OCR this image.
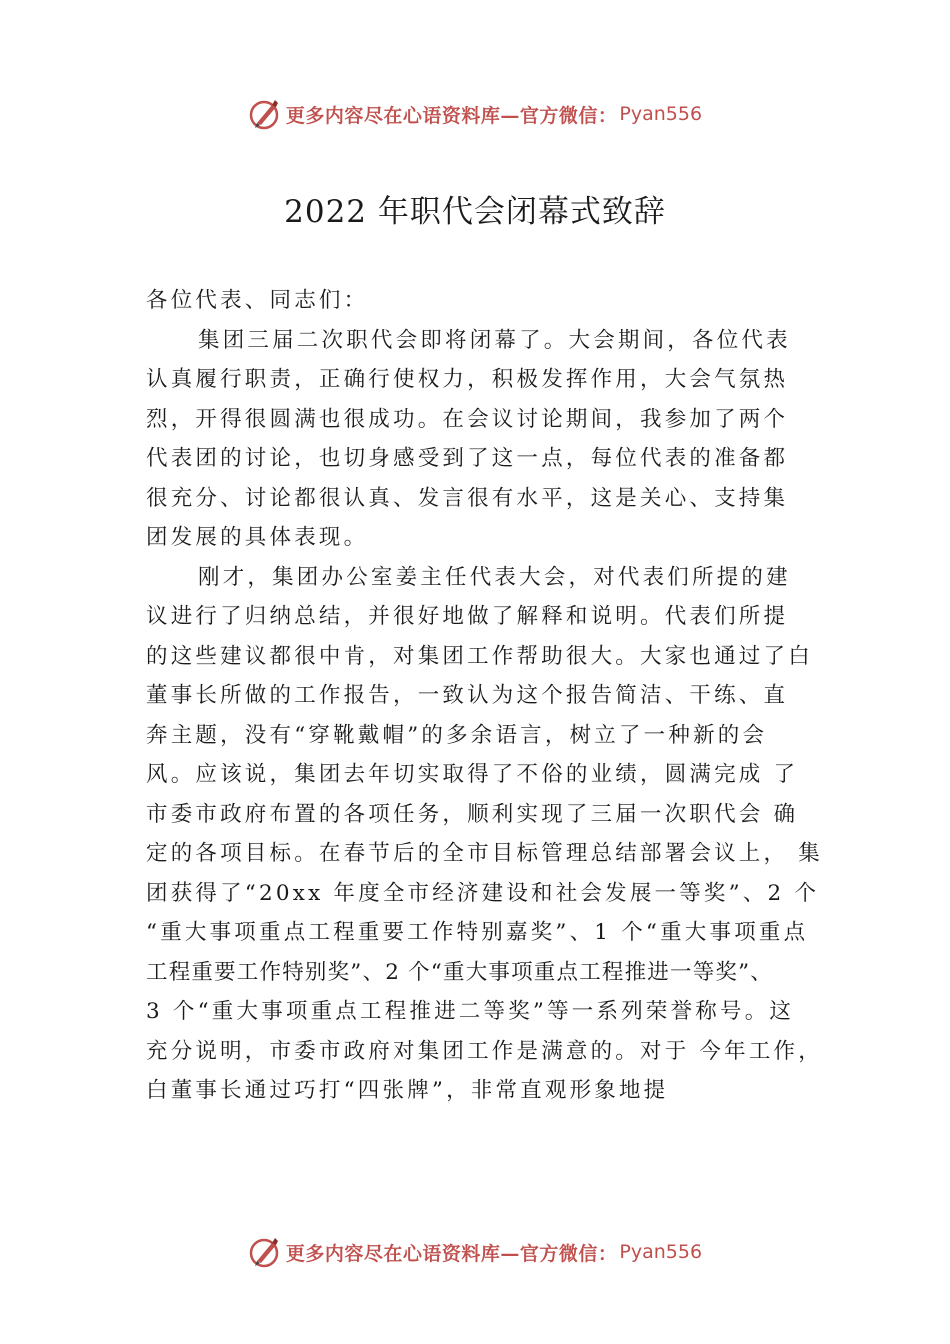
更多内容尽在心语资料库—官方微信： Pyan556
2022 年职代会闭幕式致辞
各位代表、同志们：
集团三届二次职代会即将闭幕了。大会期间，各位代表
认真履行职责，正确行使权力，积极发挥作用，大会气氛热
烈，开得很圆满也很成功。在会议讨论期间，我参加了两个
代表团的讨论，也切身感受到了这一点，每位代表的准备都
很充分、讨论都很认真、发言很有水平，这是关心、支持集
团发展的具体表现。
刚才，集团办公室姜主任代表大会，对代表们所提的建
议进行了归纳总结，并很好地做了解释和说明。代表们所提
的这些建议都很中肯，对集团工作帮助很大。大家也通过了白
董事长所做的工作报告，一致认为这个报告简洁、干练、直
奔主题，没有“穿靴戴帽”的多余语言，树立了一种新的会
风。应该说，集团去年切实取得了不俗的业绩，圆满完成 了
市委市政府布置的各项任务，顺利实现了三届一次职代会 确
定的各项目标。在春节后的全市目标管理总结部署会议上， 集
团获得了“20xx 年度全市经济建设和社会发展一等奖”、2 个
“重大事项重点工程重要工作特别嘉奖”、1 个“重大事项重点
工程重要工作特别奖”、2 个“重大事项重点工程推进一等奖”、
3 个“重大事项重点工程推进二等奖”等一系列荣誉称号。这
充分说明，市委市政府对集团工作是满意的。对于 今年工作，
白董事长通过巧打“四张牌”，非常直观形象地提
更多内容尽在心语资料库—官方微信： Pyan556
